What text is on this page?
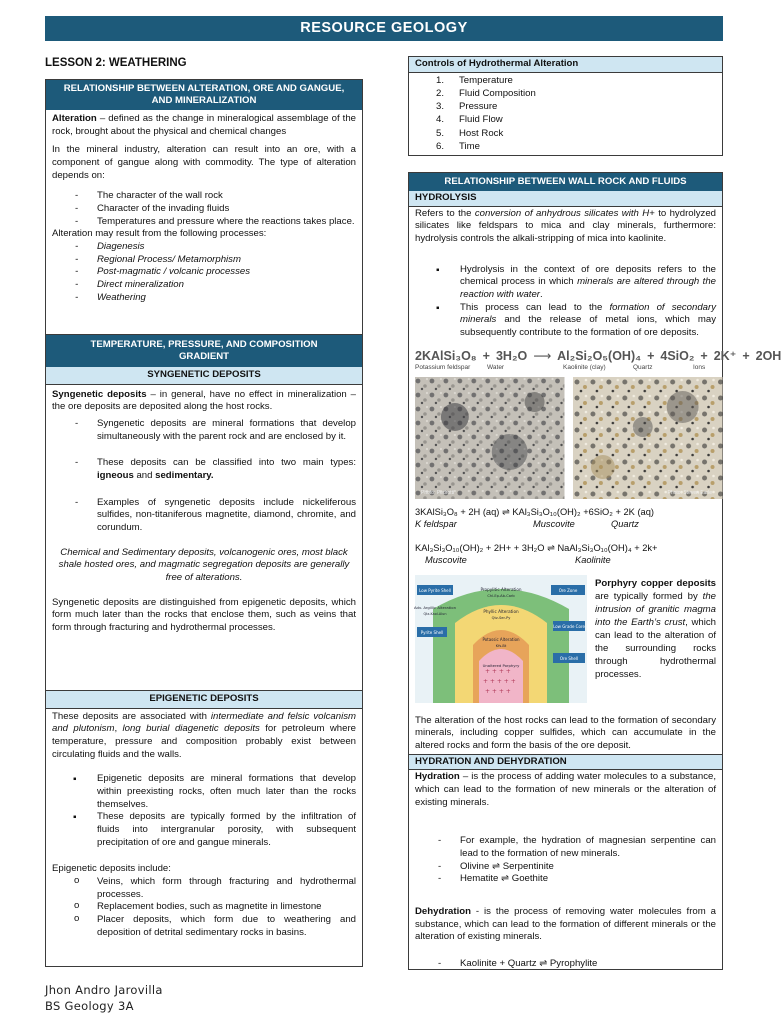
RESOURCE GEOLOGY
LESSON 2: WEATHERING
RELATIONSHIP BETWEEN ALTERATION, ORE AND GANGUE, AND MINERALIZATION

Alteration – defined as the change in mineralogical assemblage of the rock, brought about the physical and chemical changes

In the mineral industry, alteration can result into an ore, with a component of gangue along with commodity. The type of alteration depends on:

- The character of the wall rock
- Character of the invading fluids
- Temperatures and pressure where the reactions takes place.
Alteration may result from the following processes:
- Diagenesis
- Regional Process/ Metamorphism
- Post-magmatic / volcanic processes
- Direct mineralization
- Weathering
TEMPERATURE, PRESSURE, AND COMPOSITION GRADIENT
SYNGENETIC DEPOSITS

Syngenetic deposits – in general, have no effect in mineralization – the ore deposits are deposited along the host rocks.

- Syngenetic deposits are mineral formations that develop simultaneously with the parent rock and are enclosed by it.
- These deposits can be classified into two main types: igneous and sedimentary.
- Examples of syngenetic deposits include nickeliferous sulfides, non-titaniferous magnetite, diamond, chromite, and corundum.

Chemical and Sedimentary deposits, volcanogenic ores, most black shale hosted ores, and magmatic segregation deposits are generally free of alterations.

Syngenetic deposits are distinguished from epigenetic deposits, which form much later than the rocks that enclose them, such as veins that form through fracturing and hydrothermal processes.

EPIGENETIC DEPOSITS

These deposits are associated with intermediate and felsic volcanism and plutonism, long burial diagenetic deposits for petroleum where temperature, pressure and composition probably exist between circulating fluids and the walls.

▪ Epigenetic deposits are mineral formations that develop within preexisting rocks, often much later than the rocks themselves.
▪ These deposits are typically formed by the infiltration of fluids into intergranular porosity, with subsequent precipitation of ore and gangue minerals.
Epigenetic deposits include:
o Veins, which form through fracturing and hydrothermal processes.
o Replacement bodies, such as magnetite in limestone
o Placer deposits, which form due to weathering and deposition of detrital sedimentary rocks in basins.
Controls of Hydrothermal Alteration
1. Temperature
2. Fluid Composition
3. Pressure
4. Fluid Flow
5. Host Rock
6. Time
RELATIONSHIP BETWEEN WALL ROCK AND FLUIDS
HYDROLYSIS

Refers to the conversion of anhydrous silicates with H+ to hydrolyzed silicates like feldspars to mica and clay minerals, furthermore: hydrolysis controls the alkali-stripping of mica into kaolinite.

▪ Hydrolysis in the context of ore deposits refers to the chemical process in which minerals are altered through the reaction with water.
▪ This process can lead to the formation of secondary minerals and the release of metal ions, which may subsequently contribute to the formation of ore deposits.
2KAlSi₃O₈ + 3H₂O ⟶ Al₂Si₂O₅(OH)₄ + 4SiO₂ + 2K⁺ + 2OH
Potassium feldspar	Water	Kaolinite (clay)	Quartz	Ions
Photo: Pedrotti	Photo: Steven Earle
3KAlSi₃O₈ + 2H (aq) ⇌ KAl₃Si₃O₁₀(OH)₂ +6SiO₂ + 2K (aq)
K feldspar	Muscovite	Quartz
KAl₃Si₃O₁₀(OH)₂ + 2H+ + 3H₂O ⇌ NaAl₃Si₃O₁₀(OH)₄ + 2k+
Muscovite	Kaolinite
+ + + +
+ + + + +
+ + + +
Low Pyrite Shell
Pyrite Shell
Ore Zone
Low Grade Core
Ore Shell
Propylitic Alteration
Chl-Ep-Ab-Carb
Phyllic Alteration
Qtz-Ser-Py
Potassic Alteration
Kfs-Bt
Unaltered Porphyry
Adv. Argillic Alteration
Qtz-Kaol-Alun
Porphyry copper deposits are typically formed by the intrusion of granitic magma into the Earth’s crust, which can lead to the alteration of the surrounding rocks through hydrothermal processes.

The alteration of the host rocks can lead to the formation of secondary minerals, including copper sulfides, which can accumulate in the altered rocks and form the basis of the ore deposit.

HYDRATION AND DEHYDRATION

Hydration – is the process of adding water molecules to a substance, which can lead to the formation of new minerals or the alteration of existing minerals.

- For example, the hydration of magnesian serpentine can lead to the formation of new minerals.
- Olivine ⇌ Serpentinite
- Hematite ⇌ Goethite

Dehydration - is the process of removing water molecules from a substance, which can lead to the formation of different minerals or the alteration of existing minerals.

- Kaolinite + Quartz ⇌ Pyrophylite
Jhon Andro Jarovilla
BS Geology 3A
